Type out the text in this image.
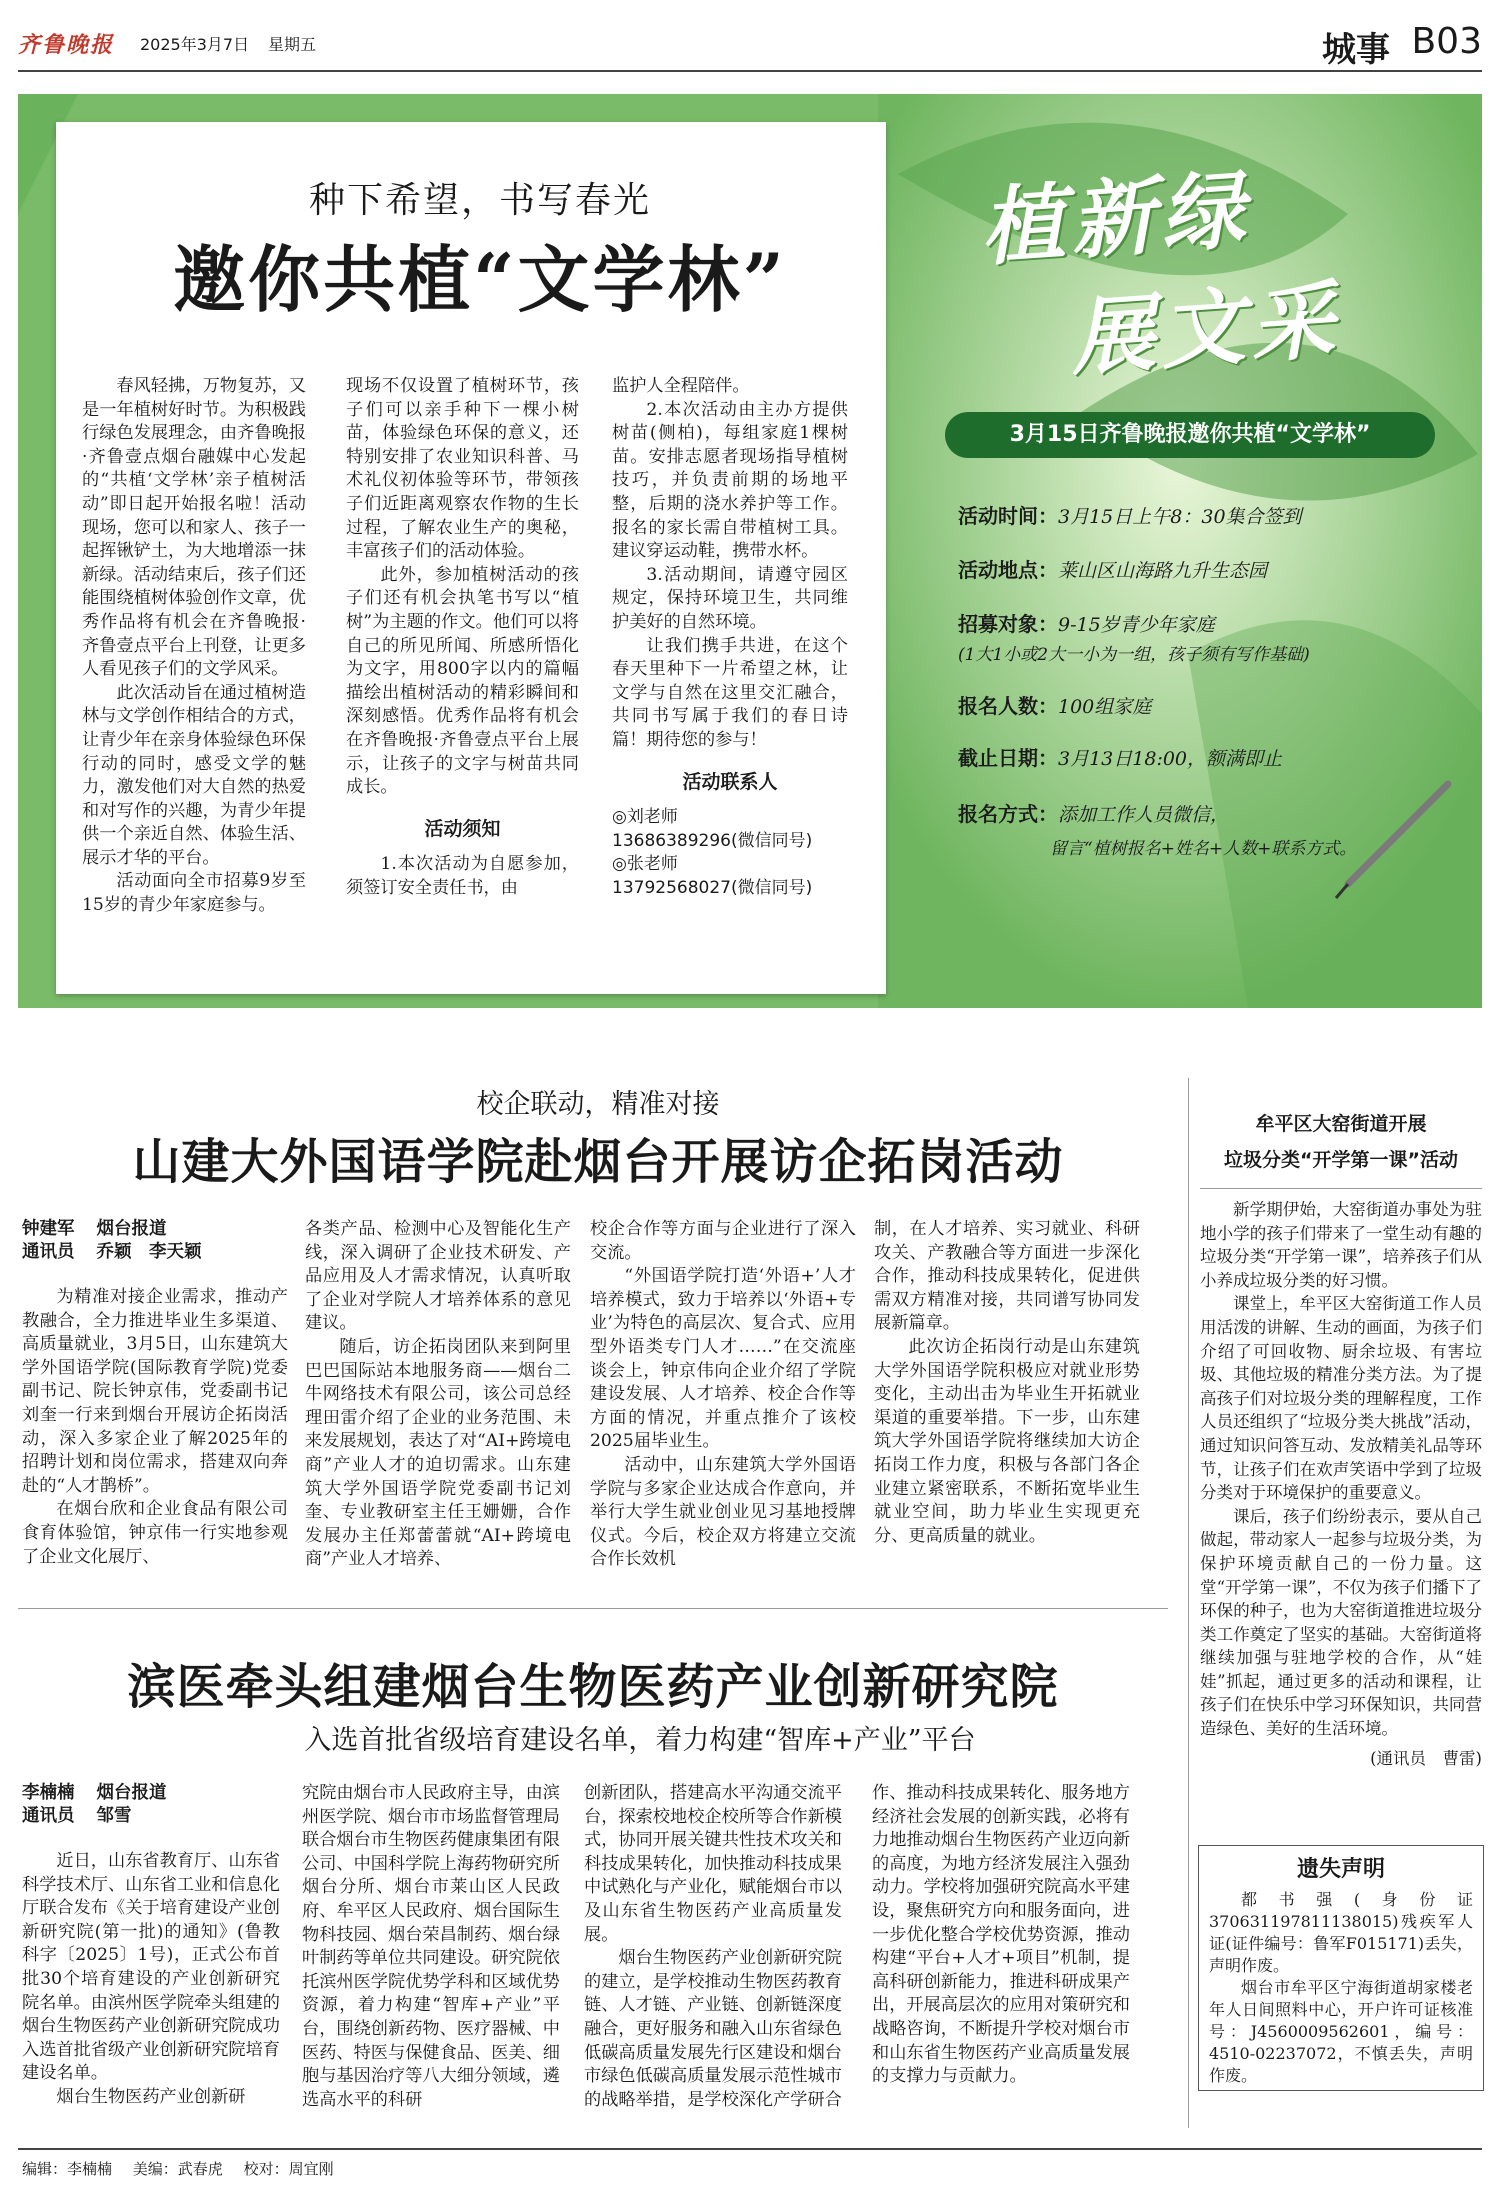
齐鲁晚报 2025年3月7日 星期五	城事 B03
种下希望，书写春光
邀你共植“文学林”

春风轻拂，万物复苏，又是一年植树好时节。为积极践行绿色发展理念，由齐鲁晚报·齐鲁壹点烟台融媒中心发起的“共植‘文学林’亲子植树活动”即日起开始报名啦！活动现场，您可以和家人、孩子一起挥锹铲土，为大地增添一抹新绿。活动结束后，孩子们还能围绕植树体验创作文章，优秀作品将有机会在齐鲁晚报·齐鲁壹点平台上刊登，让更多人看见孩子们的文学风采。

此次活动旨在通过植树造林与文学创作相结合的方式，让青少年在亲身体验绿色环保行动的同时，感受文学的魅力，激发他们对大自然的热爱和对写作的兴趣，为青少年提供一个亲近自然、体验生活、展示才华的平台。

活动面向全市招募9岁至15岁的青少年家庭参与。

现场不仅设置了植树环节，孩子们可以亲手种下一棵小树苗，体验绿色环保的意义，还特别安排了农业知识科普、马术礼仪初体验等环节，带领孩子们近距离观察农作物的生长过程，了解农业生产的奥秘，丰富孩子们的活动体验。

此外，参加植树活动的孩子们还有机会执笔书写以“植树”为主题的作文。他们可以将自己的所见所闻、所感所悟化为文字，用800字以内的篇幅描绘出植树活动的精彩瞬间和深刻感悟。优秀作品将有机会在齐鲁晚报·齐鲁壹点平台上展示，让孩子的文字与树苗共同成长。

活动须知

1.本次活动为自愿参加，须签订安全责任书，由

监护人全程陪伴。

2.本次活动由主办方提供树苗(侧柏)，每组家庭1棵树苗。安排志愿者现场指导植树技巧，并负责前期的场地平整，后期的浇水养护等工作。报名的家长需自带植树工具。建议穿运动鞋，携带水杯。

3.活动期间，请遵守园区规定，保持环境卫生，共同维护美好的自然环境。

让我们携手共进，在这个春天里种下一片希望之林，让文学与自然在这里交汇融合，共同书写属于我们的春日诗篇！期待您的参与！

活动联系人

◎刘老师

13686389296(微信同号)

◎张老师

13792568027(微信同号)

植新绿
展文采
3月15日齐鲁晚报邀你共植“文学林”
活动时间：3月15日上午8：30集合签到
活动地点：莱山区山海路九升生态园
招募对象：9-15岁青少年家庭
(1大1小或2大一小为一组，孩子须有写作基础)
报名人数：100组家庭
截止日期：3月13日18:00，额满即止
报名方式：添加工作人员微信，
留言“植树报名+姓名+人数+联系方式。
校企联动，精准对接
山建大外国语学院赴烟台开展访企拓岗活动
钟建军 烟台报道
通讯员 乔颖　李天颖

为精准对接企业需求，推动产教融合，全力推进毕业生多渠道、高质量就业，3月5日，山东建筑大学外国语学院(国际教育学院)党委副书记、院长钟京伟，党委副书记刘奎一行来到烟台开展访企拓岗活动，深入多家企业了解2025年的招聘计划和岗位需求，搭建双向奔赴的“人才鹊桥”。

在烟台欣和企业食品有限公司食育体验馆，钟京伟一行实地参观了企业文化展厅、

各类产品、检测中心及智能化生产线，深入调研了企业技术研发、产品应用及人才需求情况，认真听取了企业对学院人才培养体系的意见建议。

随后，访企拓岗团队来到阿里巴巴国际站本地服务商——烟台二牛网络技术有限公司，该公司总经理田雷介绍了企业的业务范围、未来发展规划，表达了对“AI+跨境电商”产业人才的迫切需求。山东建筑大学外国语学院党委副书记刘奎、专业教研室主任王姗姗，合作发展办主任郑蕾蕾就“AI+跨境电商”产业人才培养、

校企合作等方面与企业进行了深入交流。

“外国语学院打造‘外语+’人才培养模式，致力于培养以‘外语+专业’为特色的高层次、复合式、应用型外语类专门人才……”在交流座谈会上，钟京伟向企业介绍了学院建设发展、人才培养、校企合作等方面的情况，并重点推介了该校2025届毕业生。

活动中，山东建筑大学外国语学院与多家企业达成合作意向，并举行大学生就业创业见习基地授牌仪式。今后，校企双方将建立交流合作长效机

制，在人才培养、实习就业、科研攻关、产教融合等方面进一步深化合作，推动科技成果转化，促进供需双方精准对接，共同谱写协同发展新篇章。

此次访企拓岗行动是山东建筑大学外国语学院积极应对就业形势变化，主动出击为毕业生开拓就业渠道的重要举措。下一步，山东建筑大学外国语学院将继续加大访企拓岗工作力度，积极与各部门各企业建立紧密联系，不断拓宽毕业生就业空间，助力毕业生实现更充分、更高质量的就业。

滨医牵头组建烟台生物医药产业创新研究院
入选首批省级培育建设名单，着力构建“智库+产业”平台
李楠楠 烟台报道
通讯员 邹雪

近日，山东省教育厅、山东省科学技术厅、山东省工业和信息化厅联合发布《关于培育建设产业创新研究院(第一批)的通知》(鲁教科字〔2025〕1号)，正式公布首批30个培育建设的产业创新研究院名单。由滨州医学院牵头组建的烟台生物医药产业创新研究院成功入选首批省级产业创新研究院培育建设名单。

烟台生物医药产业创新研

究院由烟台市人民政府主导，由滨州医学院、烟台市市场监督管理局联合烟台市生物医药健康集团有限公司、中国科学院上海药物研究所烟台分所、烟台市莱山区人民政府、牟平区人民政府、烟台国际生物科技园、烟台荣昌制药、烟台绿叶制药等单位共同建设。研究院依托滨州医学院优势学科和区域优势资源，着力构建“智库+产业”平台，围绕创新药物、医疗器械、中医药、特医与保健食品、医美、细胞与基因治疗等八大细分领域，遴选高水平的科研

创新团队，搭建高水平沟通交流平台，探索校地校企校所等合作新模式，协同开展关键共性技术攻关和科技成果转化，加快推动科技成果中试熟化与产业化，赋能烟台市以及山东省生物医药产业高质量发展。

烟台生物医药产业创新研究院的建立，是学校推动生物医药教育链、人才链、产业链、创新链深度融合，更好服务和融入山东省绿色低碳高质量发展先行区建设和烟台市绿色低碳高质量发展示范性城市的战略举措，是学校深化产学研合

作、推动科技成果转化、服务地方经济社会发展的创新实践，必将有力地推动烟台生物医药产业迈向新的高度，为地方经济发展注入强劲动力。学校将加强研究院高水平建设，聚焦研究方向和服务面向，进一步优化整合学校优势资源，推动构建“平台+人才+项目”机制，提高科研创新能力，推进科研成果产出，开展高层次的应用对策研究和战略咨询，不断提升学校对烟台市和山东省生物医药产业高质量发展的支撑力与贡献力。

牟平区大窑街道开展
垃圾分类“开学第一课”活动

新学期伊始，大窑街道办事处为驻地小学的孩子们带来了一堂生动有趣的垃圾分类“开学第一课”，培养孩子们从小养成垃圾分类的好习惯。

课堂上，牟平区大窑街道工作人员用活泼的讲解、生动的画面，为孩子们介绍了可回收物、厨余垃圾、有害垃圾、其他垃圾的精准分类方法。为了提高孩子们对垃圾分类的理解程度，工作人员还组织了“垃圾分类大挑战”活动，通过知识问答互动、发放精美礼品等环节，让孩子们在欢声笑语中学到了垃圾分类对于环境保护的重要意义。

课后，孩子们纷纷表示，要从自己做起，带动家人一起参与垃圾分类，为保护环境贡献自己的一份力量。这堂“开学第一课”，不仅为孩子们播下了环保的种子，也为大窑街道推进垃圾分类工作奠定了坚实的基础。大窑街道将继续加强与驻地学校的合作，从“娃娃”抓起，通过更多的活动和课程，让孩子们在快乐中学习环保知识，共同营造绿色、美好的生活环境。

(通讯员　曹雷)

遗失声明

都书强(身份证370631197811138015)残疾军人证(证件编号：鲁军F015171)丢失，声明作废。

烟台市牟平区宁海街道胡家楼老年人日间照料中心，开户许可证核准号：J4560009562601，编号：4510-02237072，不慎丢失，声明作废。

编辑：李楠楠 美编：武春虎 校对：周宜刚
